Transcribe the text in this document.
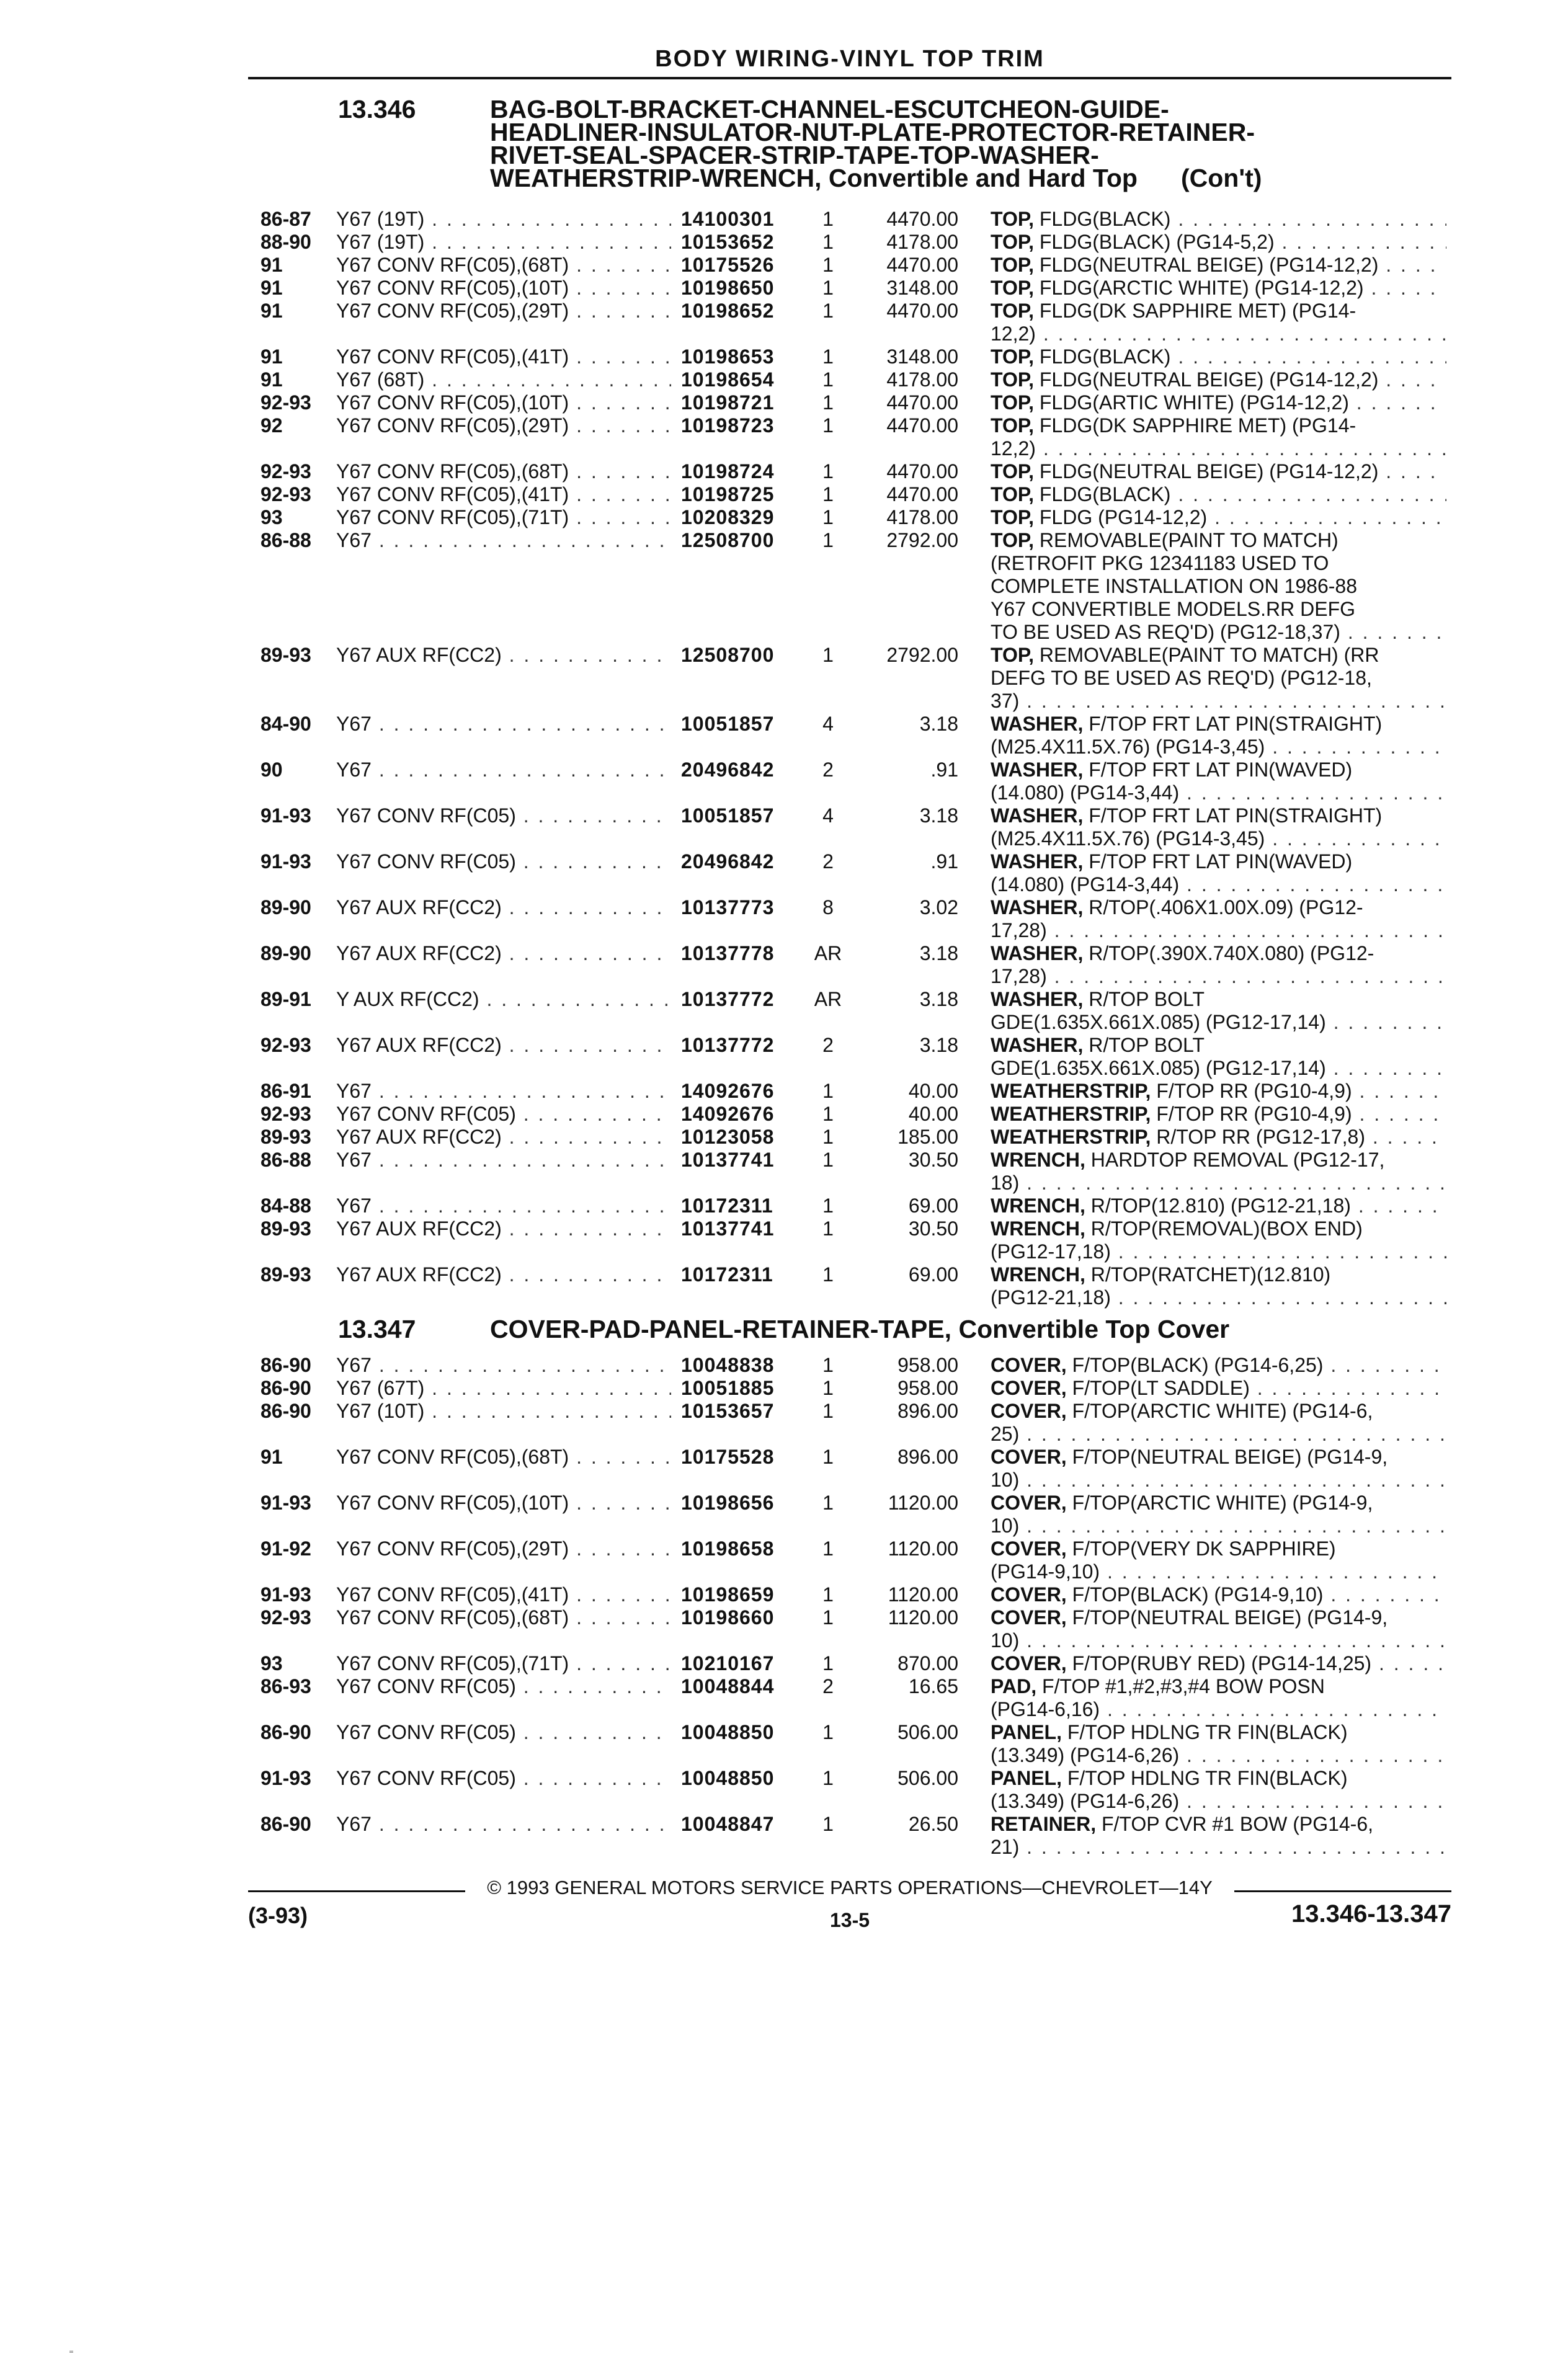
BODY WIRING-VINYL TOP TRIM
13.346	BAG-BOLT-BRACKET-CHANNEL-ESCUTCHEON-GUIDE-
HEADLINER-INSULATOR-NUT-PLATE-PROTECTOR-RETAINER-
RIVET-SEAL-SPACER-STRIP-TAPE-TOP-WASHER-
WEATHERSTRIP-WRENCH, Convertible and Hard Top (Con't)
13.347	COVER-PAD-PANEL-RETAINER-TAPE, Convertible Top Cover
86-87 Y67 (19T) . . .	14100301	1	4470.00 TOP, FLDG(BLACK) . . .
88-90 Y67 (19T) . . .	10153652	1	4178.00 TOP, FLDG(BLACK) (PG14-5,2) . . .
91	Y67 CONV RF(C05),(68T) . . .	10175526	1	4470.00 TOP, FLDG(NEUTRAL BEIGE) (PG14-12,2) . . .
91	Y67 CONV RF(C05),(10T) . . .	10198650	1	3148.00 TOP, FLDG(ARCTIC WHITE) (PG14-12,2) . . .
91	Y67 CONV RF(C05),(29T) . . .	10198652	1	4470.00 TOP, FLDG(DK SAPPHIRE MET) (PG14-
12,2) . . .
91	Y67 CONV RF(C05),(41T) . . .	10198653	1	3148.00 TOP, FLDG(BLACK) . . .
91	Y67 (68T) . . .	10198654	1	4178.00 TOP, FLDG(NEUTRAL BEIGE) (PG14-12,2) . . .
92-93 Y67 CONV RF(C05),(10T) . . .	10198721	1	4470.00 TOP, FLDG(ARTIC WHITE) (PG14-12,2) . . .
92	Y67 CONV RF(C05),(29T) . . .	10198723	1	4470.00 TOP, FLDG(DK SAPPHIRE MET) (PG14-
12,2) . . .
92-93 Y67 CONV RF(C05),(68T) . . .	10198724	1	4470.00 TOP, FLDG(NEUTRAL BEIGE) (PG14-12,2) . . .
92-93 Y67 CONV RF(C05),(41T) . . .	10198725	1	4470.00 TOP, FLDG(BLACK) . . .
93	Y67 CONV RF(C05),(71T) . . .	10208329	1	4178.00 TOP, FLDG (PG14-12,2) . . .
86-88 Y67 . . .	12508700	1	2792.00 TOP, REMOVABLE(PAINT TO MATCH)
(RETROFIT PKG 12341183 USED TO
COMPLETE INSTALLATION ON 1986-88
Y67 CONVERTIBLE MODELS.RR DEFG
TO BE USED AS REQ'D) (PG12-18,37) . . .
89-93 Y67 AUX RF(CC2) . . .	12508700	1	2792.00 TOP, REMOVABLE(PAINT TO MATCH) (RR
DEFG TO BE USED AS REQ'D) (PG12-18,
37) . . .
84-90 Y67 . . .	10051857	4	3.18 WASHER, F/TOP FRT LAT PIN(STRAIGHT)
(M25.4X11.5X.76) (PG14-3,45) . . .
90	Y67 . . .	20496842	2	.91 WASHER, F/TOP FRT LAT PIN(WAVED)
(14.080) (PG14-3,44) . . .
91-93 Y67 CONV RF(C05) . . .	10051857	4	3.18 WASHER, F/TOP FRT LAT PIN(STRAIGHT)
(M25.4X11.5X.76) (PG14-3,45) . . .
91-93 Y67 CONV RF(C05) . . .	20496842	2	.91 WASHER, F/TOP FRT LAT PIN(WAVED)
(14.080) (PG14-3,44) . . .
89-90 Y67 AUX RF(CC2) . . .	10137773	8	3.02 WASHER, R/TOP(.406X1.00X.09) (PG12-
17,28) . . .
89-90 Y67 AUX RF(CC2) . . .	10137778	AR	3.18 WASHER, R/TOP(.390X.740X.080) (PG12-
17,28) . . .
89-91 Y AUX RF(CC2) . . .	10137772	AR	3.18 WASHER, R/TOP BOLT
GDE(1.635X.661X.085) (PG12-17,14) . . .
92-93 Y67 AUX RF(CC2) . . .	10137772	2	3.18 WASHER, R/TOP BOLT
GDE(1.635X.661X.085) (PG12-17,14) . . .
86-91 Y67 . . .	14092676	1	40.00 WEATHERSTRIP, F/TOP RR (PG10-4,9) . . .
92-93 Y67 CONV RF(C05) . . .	14092676	1	40.00 WEATHERSTRIP, F/TOP RR (PG10-4,9) . . .
89-93 Y67 AUX RF(CC2) . . .	10123058	1	185.00 WEATHERSTRIP, R/TOP RR (PG12-17,8) . . .
86-88 Y67 . . .	10137741	1	30.50 WRENCH, HARDTOP REMOVAL (PG12-17,
18) . . .
84-88 Y67 . . .	10172311	1	69.00 WRENCH, R/TOP(12.810) (PG12-21,18) . . .
89-93 Y67 AUX RF(CC2) . . .	10137741	1	30.50 WRENCH, R/TOP(REMOVAL)(BOX END)
(PG12-17,18) . . .
89-93 Y67 AUX RF(CC2) . . .	10172311	1	69.00 WRENCH, R/TOP(RATCHET)(12.810)
(PG12-21,18) . . .
86-90 Y67 . . .	10048838	1	958.00 COVER, F/TOP(BLACK) (PG14-6,25) . . .
86-90 Y67 (67T) . . .	10051885	1	958.00 COVER, F/TOP(LT SADDLE) . . .
86-90 Y67 (10T) . . .	10153657	1	896.00 COVER, F/TOP(ARCTIC WHITE) (PG14-6,
25) . . .
91	Y67 CONV RF(C05),(68T) . . .	10175528	1	896.00 COVER, F/TOP(NEUTRAL BEIGE) (PG14-9,
10) . . .
91-93 Y67 CONV RF(C05),(10T) . . .	10198656	1	1120.00 COVER, F/TOP(ARCTIC WHITE) (PG14-9,
10) . . .
91-92 Y67 CONV RF(C05),(29T) . . .	10198658	1	1120.00 COVER, F/TOP(VERY DK SAPPHIRE)
(PG14-9,10) . . .
91-93 Y67 CONV RF(C05),(41T) . . .	10198659	1	1120.00 COVER, F/TOP(BLACK) (PG14-9,10) . . .
92-93 Y67 CONV RF(C05),(68T) . . .	10198660	1	1120.00 COVER, F/TOP(NEUTRAL BEIGE) (PG14-9,
10) . . .
93	Y67 CONV RF(C05),(71T) . . .	10210167	1	870.00 COVER, F/TOP(RUBY RED) (PG14-14,25) . . .
86-93 Y67 CONV RF(C05) . . .	10048844	2	16.65 PAD, F/TOP #1,#2,#3,#4 BOW POSN
(PG14-6,16) . . .
86-90 Y67 CONV RF(C05) . . .	10048850	1	506.00 PANEL, F/TOP HDLNG TR FIN(BLACK)
(13.349) (PG14-6,26) . . .
91-93 Y67 CONV RF(C05) . . .	10048850	1	506.00 PANEL, F/TOP HDLNG TR FIN(BLACK)
(13.349) (PG14-6,26) . . .
86-90 Y67 . . .	10048847	1	26.50 RETAINER, F/TOP CVR #1 BOW (PG14-6,
21) . . .
© 1993 GENERAL MOTORS SERVICE PARTS OPERATIONS—CHEVROLET—14Y
(3-93)	13-5	13.346-13.347
